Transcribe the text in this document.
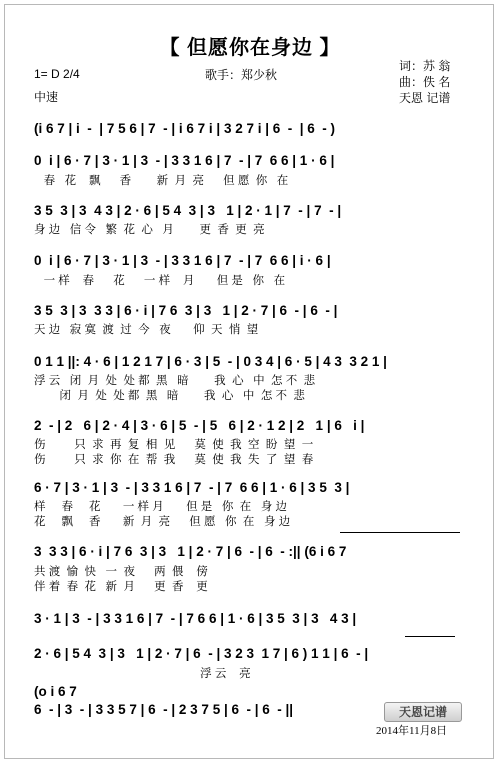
【 但愿你在身边 】
1= D 2/4
中速
歌手：郑少秋
词：苏 翁
曲：佚 名
天恩 记谱
(i 6 7 | i  -  | 7 5 6 | 7  - | i 6 7 i | 3 2 7 i | 6  -  | 6  - )
0  i | 6 · 7 | 3 · 1 | 3  - | 3 3 1 6 | 7  - | 7  6 6 | 1 · 6 |
春   花    飘      香        新  月  亮      但 愿  你   在
3 5  3 | 3  4 3 | 2 · 6 | 5 4  3 | 3   1 | 2 · 1 | 7  - | 7  - |
身 边   信 令   繁  花  心   月        更  香  更  亮
0  i | 6 · 7 | 3 · 1 | 3  - | 3 3 1 6 | 7  - | 7  6 6 | i · 6 |
一 样    春      花      一 样    月       但 是   你   在
3 5  3 | 3  3 3 | 6 · i | 7 6  3 | 3   1 | 2 · 7 | 6  - | 6  - |
天 边   寂 寞  渡  过  今   夜       仰  天  悄  望
0 1 1 ||: 4 · 6 | 1 2 1 7 | 6 · 3 | 5  - | 0 3 4 | 6 · 5 | 4 3  3 2 1 |
浮 云   闭  月  处  处 都  黑   暗        我  心   中  怎 不  悲
闭  月  处  处 都  黑   暗        我  心   中  怎 不  悲
2  - | 2   6 | 2 · 4 | 3 · 6 | 5  - | 5   6 | 2 · 1 2 | 2   1 | 6   i |
伤         只  求  再  复  相  见      莫  使  我  空  盼  望  一
伤         只  求  你  在  帮  我      莫  使  我  失  了  望  春
6 · 7 | 3 · 1 | 3  - | 3 3 1 6 | 7  - | 7  6 6 | 1 · 6 | 3 5  3 |
样     春     花       一 样 月       但 是   你  在   身 边
花     飘     香       新  月  亮      但 愿   你  在   身 边
3  3 3 | 6 · i | 7 6  3 | 3   1 | 2 · 7 | 6  - | 6  - :|| (6 i 6 7
共 渡  愉  快   一  夜      两  偎    傍
伴 着  春  花   新  月      更  香    更
3 · 1 | 3  - | 3 3 1 6 | 7  - | 7 6 6 | 1 · 6 | 3 5  3 | 3   4 3 |
2 · 6 | 5 4  3 | 3   1 | 2 · 7 | 6  - | 3 2 3  1 7 | 6 ) 1 1 | 6  - |
浮 云    亮
(o i 6 7
6  - | 3  - | 3 3 5 7 | 6  - | 2 3 7 5 | 6  - | 6  - ||	天恩记谱
2014年11月8日
